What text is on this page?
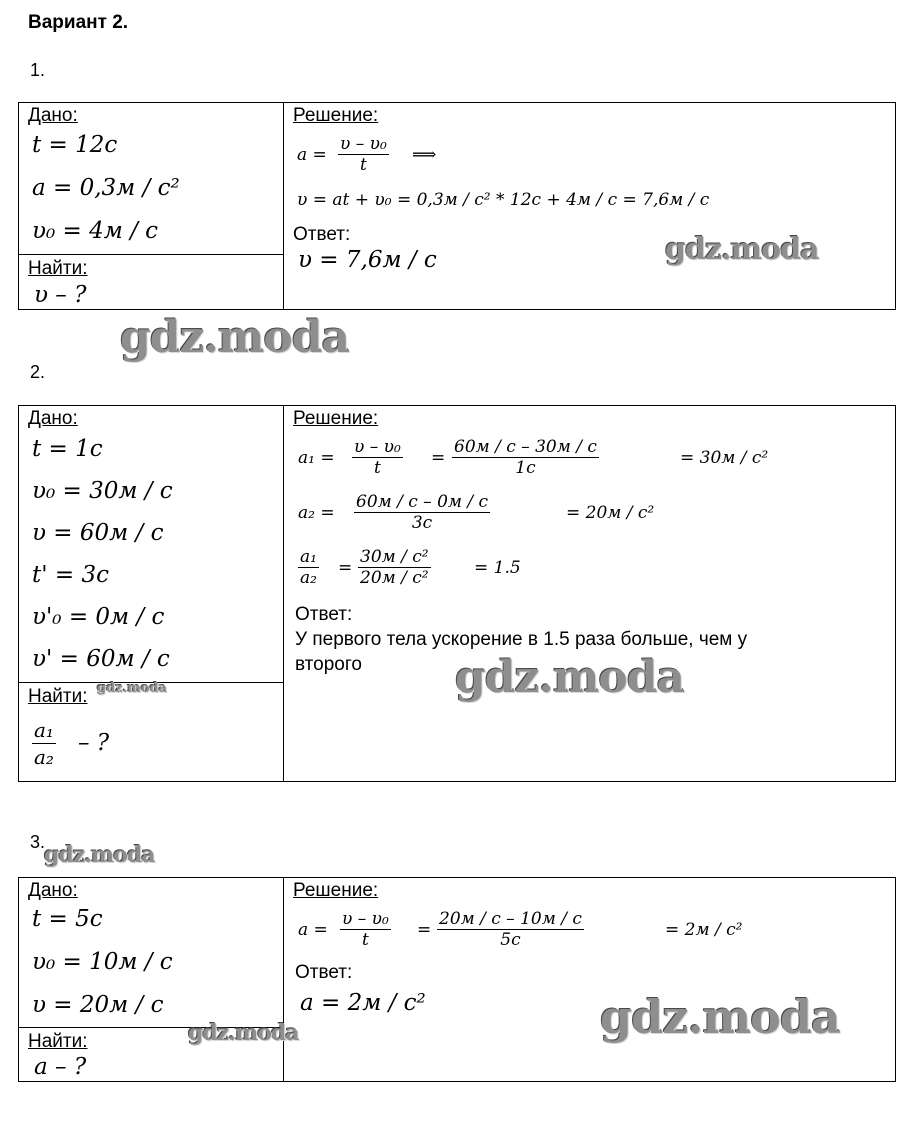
Вариант 2.
1.
Дано:
t = 12c
a = 0,3м / c²
υ₀ = 4м / c
Найти:
υ – ?
Решение:
$a = \frac{\text{υ – υ₀}}{t}$ ⟹
υ = at + υ₀ = 0,3м / c² * 12c + 4м / c = 7,6м / c
Ответ:
υ = 7,6м / c	gdz.moda
gdz.moda
2.
Дано:
t = 1c
υ₀ = 30м / c
υ = 60м / c
t' = 3c
υ'₀ = 0м / c
υ' = 60м / c
Найти: gdz.moda
$\frac{\text{a₁}}{\text{a₂}}$ – ?
Решение:
$a_1 = \frac{\text{υ – υ₀}}{t}$ =
60м / c – 30м / c
1c	= 30м / c²
a₂ =
60м / c – 0м / c
3c	= 20м / c²
$\frac{\text{a₁}}{\text{a₂}}$ =
30м / c²
20м / c²	= 1.5
Ответ:
У первого тела ускорение в 1.5 раза больше, чем у
второго gdz.moda
3.
gdz.moda
Дано:
t = 5c
υ₀ = 10м / c
υ = 20м / c
Найти:
a – ?
gdz.moda
Решение:
$a = \frac{\text{υ – υ₀}}{t}$ =
20м / c – 10м / c
5c	= 2м / c²
Ответ:
a = 2м / c²	gdz.moda
